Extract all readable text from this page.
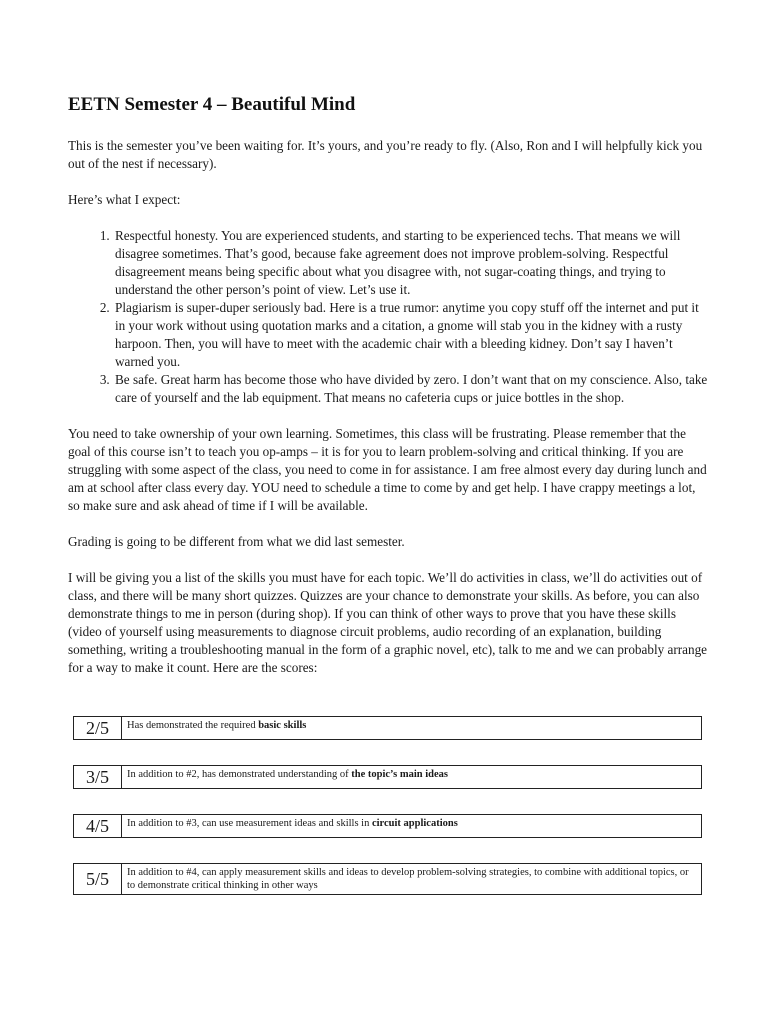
EETN Semester 4 – Beautiful Mind

This is the semester you’ve been waiting for. It’s yours, and you’re ready to fly. (Also, Ron and I will helpfully kick you out of the nest if necessary).

Here’s what I expect:

1. Respectful honesty. You are experienced students, and starting to be experienced techs. That means we will disagree sometimes. That’s good, because fake agreement does not improve problem-solving. Respectful disagreement means being specific about what you disagree with, not sugar-coating things, and trying to understand the other person’s point of view. Let’s use it.
2. Plagiarism is super-duper seriously bad. Here is a true rumor: anytime you copy stuff off the internet and put it in your work without using quotation marks and a citation, a gnome will stab you in the kidney with a rusty harpoon. Then, you will have to meet with the academic chair with a bleeding kidney. Don’t say I haven’t warned you.
3. Be safe. Great harm has become those who have divided by zero. I don’t want that on my conscience. Also, take care of yourself and the lab equipment. That means no cafeteria cups or juice bottles in the shop.

You need to take ownership of your own learning. Sometimes, this class will be frustrating. Please remember that the goal of this course isn’t to teach you op-amps – it is for you to learn problem-solving and critical thinking. If you are struggling with some aspect of the class, you need to come in for assistance. I am free almost every day during lunch and am at school after class every day. YOU need to schedule a time to come by and get help. I have crappy meetings a lot, so make sure and ask ahead of time if I will be available.

Grading is going to be different from what we did last semester.

I will be giving you a list of the skills you must have for each topic. We’ll do activities in class, we’ll do activities out of class, and there will be many short quizzes. Quizzes are your chance to demonstrate your skills. As before, you can also demonstrate things to me in person (during shop). If you can think of other ways to prove that you have these skills (video of yourself using measurements to diagnose circuit problems, audio recording of an explanation, building something, writing a troubleshooting manual in the form of a graphic novel, etc), talk to me and we can probably arrange for a way to make it count. Here are the scores:

2/5	Has demonstrated the required basic skills
3/5	In addition to #2, has demonstrated understanding of the topic’s main ideas
4/5	In addition to #3, can use measurement ideas and skills in circuit applications
5/5	In addition to #4, can apply measurement skills and ideas to develop problem-solving strategies, to combine with additional topics, or to demonstrate critical thinking in other ways
